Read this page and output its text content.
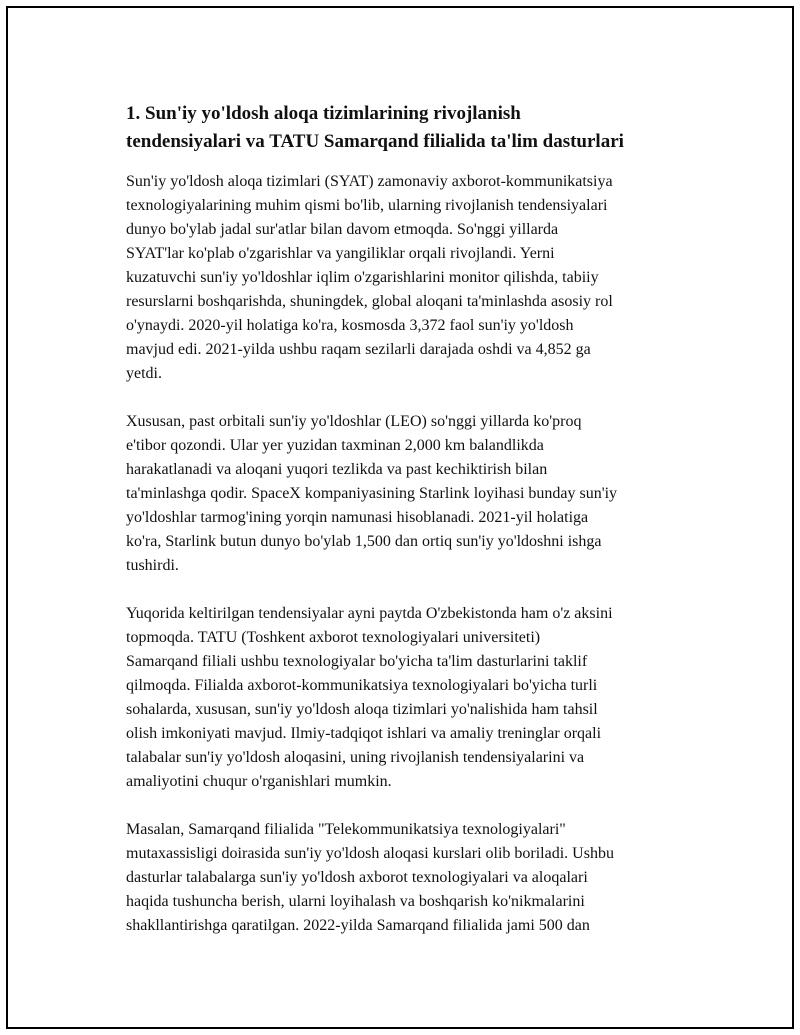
1. Sun'iy yo'ldosh aloqa tizimlarining rivojlanish
tendensiyalari va TATU Samarqand filialida ta'lim dasturlari

Sun'iy yo'ldosh aloqa tizimlari (SYAT) zamonaviy axborot-kommunikatsiya
texnologiyalarining muhim qismi bo'lib, ularning rivojlanish tendensiyalari
dunyo bo'ylab jadal sur'atlar bilan davom etmoqda. So'nggi yillarda
SYAT'lar ko'plab o'zgarishlar va yangiliklar orqali rivojlandi. Yerni
kuzatuvchi sun'iy yo'ldoshlar iqlim o'zgarishlarini monitor qilishda, tabiiy
resurslarni boshqarishda, shuningdek, global aloqani ta'minlashda asosiy rol
o'ynaydi. 2020-yil holatiga ko'ra, kosmosda 3,372 faol sun'iy yo'ldosh
mavjud edi. 2021-yilda ushbu raqam sezilarli darajada oshdi va 4,852 ga
yetdi.

Xususan, past orbitali sun'iy yo'ldoshlar (LEO) so'nggi yillarda ko'proq
e'tibor qozondi. Ular yer yuzidan taxminan 2,000 km balandlikda
harakatlanadi va aloqani yuqori tezlikda va past kechiktirish bilan
ta'minlashga qodir. SpaceX kompaniyasining Starlink loyihasi bunday sun'iy
yo'ldoshlar tarmog'ining yorqin namunasi hisoblanadi. 2021-yil holatiga
ko'ra, Starlink butun dunyo bo'ylab 1,500 dan ortiq sun'iy yo'ldoshni ishga
tushirdi.

Yuqorida keltirilgan tendensiyalar ayni paytda O'zbekistonda ham o'z aksini
topmoqda. TATU (Toshkent axborot texnologiyalari universiteti)
Samarqand filiali ushbu texnologiyalar bo'yicha ta'lim dasturlarini taklif
qilmoqda. Filialda axborot-kommunikatsiya texnologiyalari bo'yicha turli
sohalarda, xususan, sun'iy yo'ldosh aloqa tizimlari yo'nalishida ham tahsil
olish imkoniyati mavjud. Ilmiy-tadqiqot ishlari va amaliy treninglar orqali
talabalar sun'iy yo'ldosh aloqasini, uning rivojlanish tendensiyalarini va
amaliyotini chuqur o'rganishlari mumkin.

Masalan, Samarqand filialida "Telekommunikatsiya texnologiyalari"
mutaxassisligi doirasida sun'iy yo'ldosh aloqasi kurslari olib boriladi. Ushbu
dasturlar talabalarga sun'iy yo'ldosh axborot texnologiyalari va aloqalari
haqida tushuncha berish, ularni loyihalash va boshqarish ko'nikmalarini
shakllantirishga qaratilgan. 2022-yilda Samarqand filialida jami 500 dan
